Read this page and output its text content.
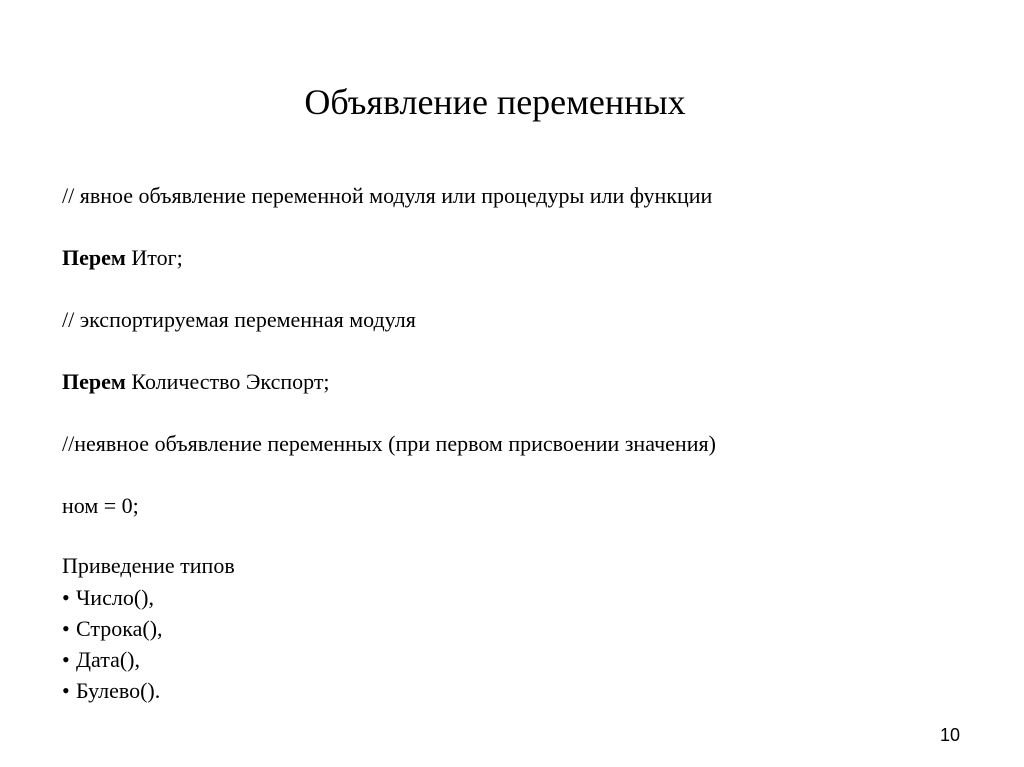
Объявление переменных
// явное объявление переменной модуля или процедуры или функции
Перем Итог;
// экспортируемая переменная модуля
Перем Количество Экспорт;
//неявное объявление переменных (при первом присвоении значения)
ном = 0;
Приведение типов
• Число(),
• Строка(),
• Дата(),
• Булево().
10
